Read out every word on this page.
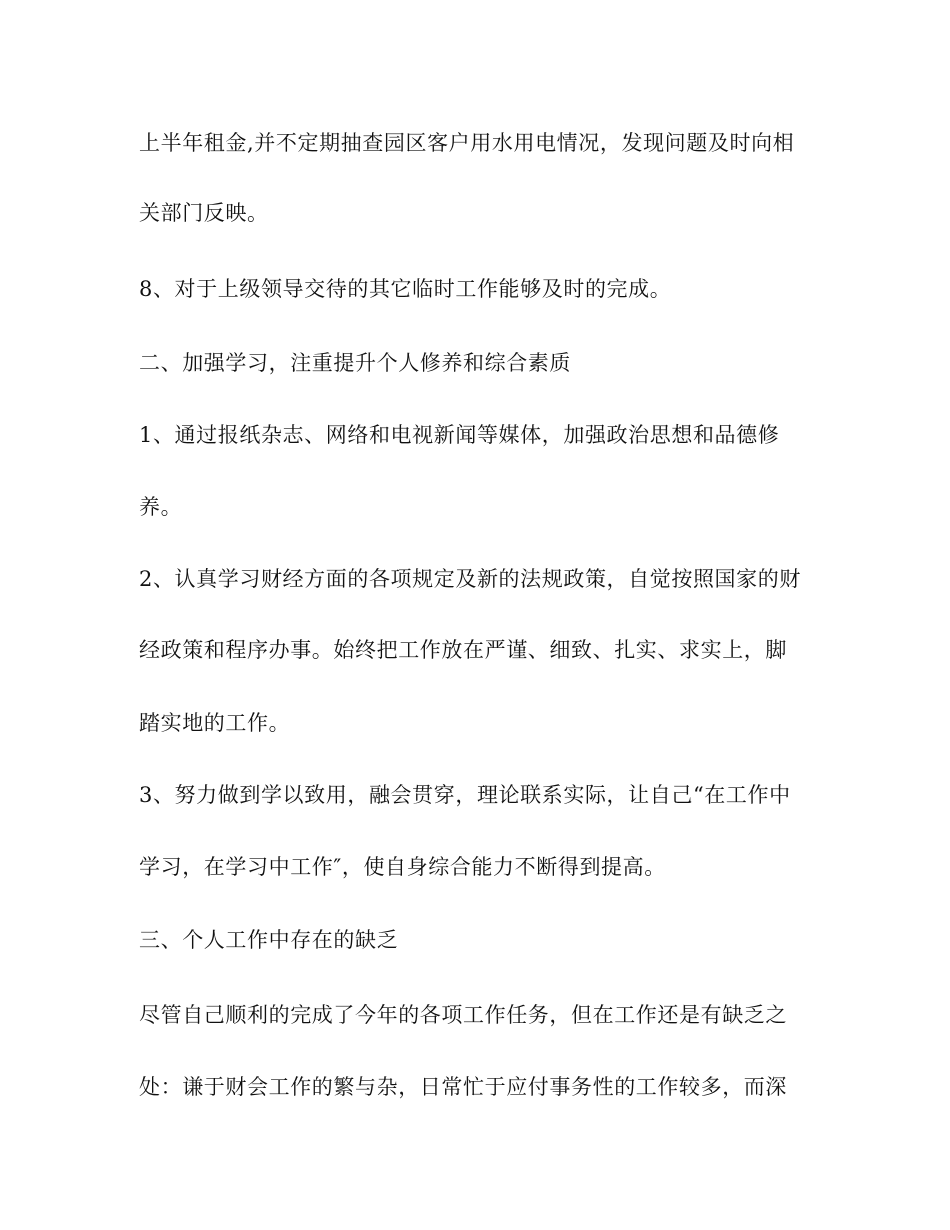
上半年租金,并不定期抽查园区客户用水用电情况，发现问题及时向相
关部门反映。
8、对于上级领导交待的其它临时工作能够及时的完成。
二、加强学习，注重提升个人修养和综合素质
1、通过报纸杂志、网络和电视新闻等媒体，加强政治思想和品德修
养。
2、认真学习财经方面的各项规定及新的法规政策，自觉按照国家的财
经政策和程序办事。始终把工作放在严谨、细致、扎实、求实上，脚
踏实地的工作。
3、努力做到学以致用，融会贯穿，理论联系实际，让自己“在工作中
学习，在学习中工作″，使自身综合能力不断得到提高。
三、个人工作中存在的缺乏
尽管自己顺利的完成了今年的各项工作任务，但在工作还是有缺乏之
处：谦于财会工作的繁与杂，日常忙于应付事务性的工作较多，而深
